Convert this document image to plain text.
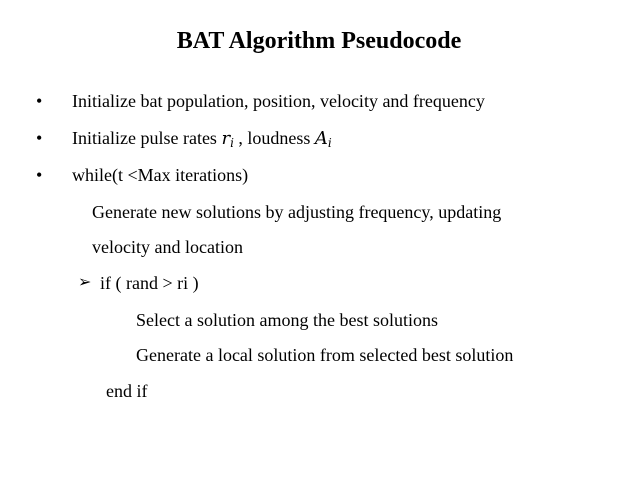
BAT Algorithm Pseudocode
• Initialize bat population, position, velocity and frequency
• Initialize pulse rates $r_i$ , loudness $A_i$
• while(t <Max iterations)
Generate new solutions by adjusting frequency, updating
velocity and location
➢ if ( rand > ri )
Select a solution among the best solutions
Generate a local solution from selected best solution
end if
